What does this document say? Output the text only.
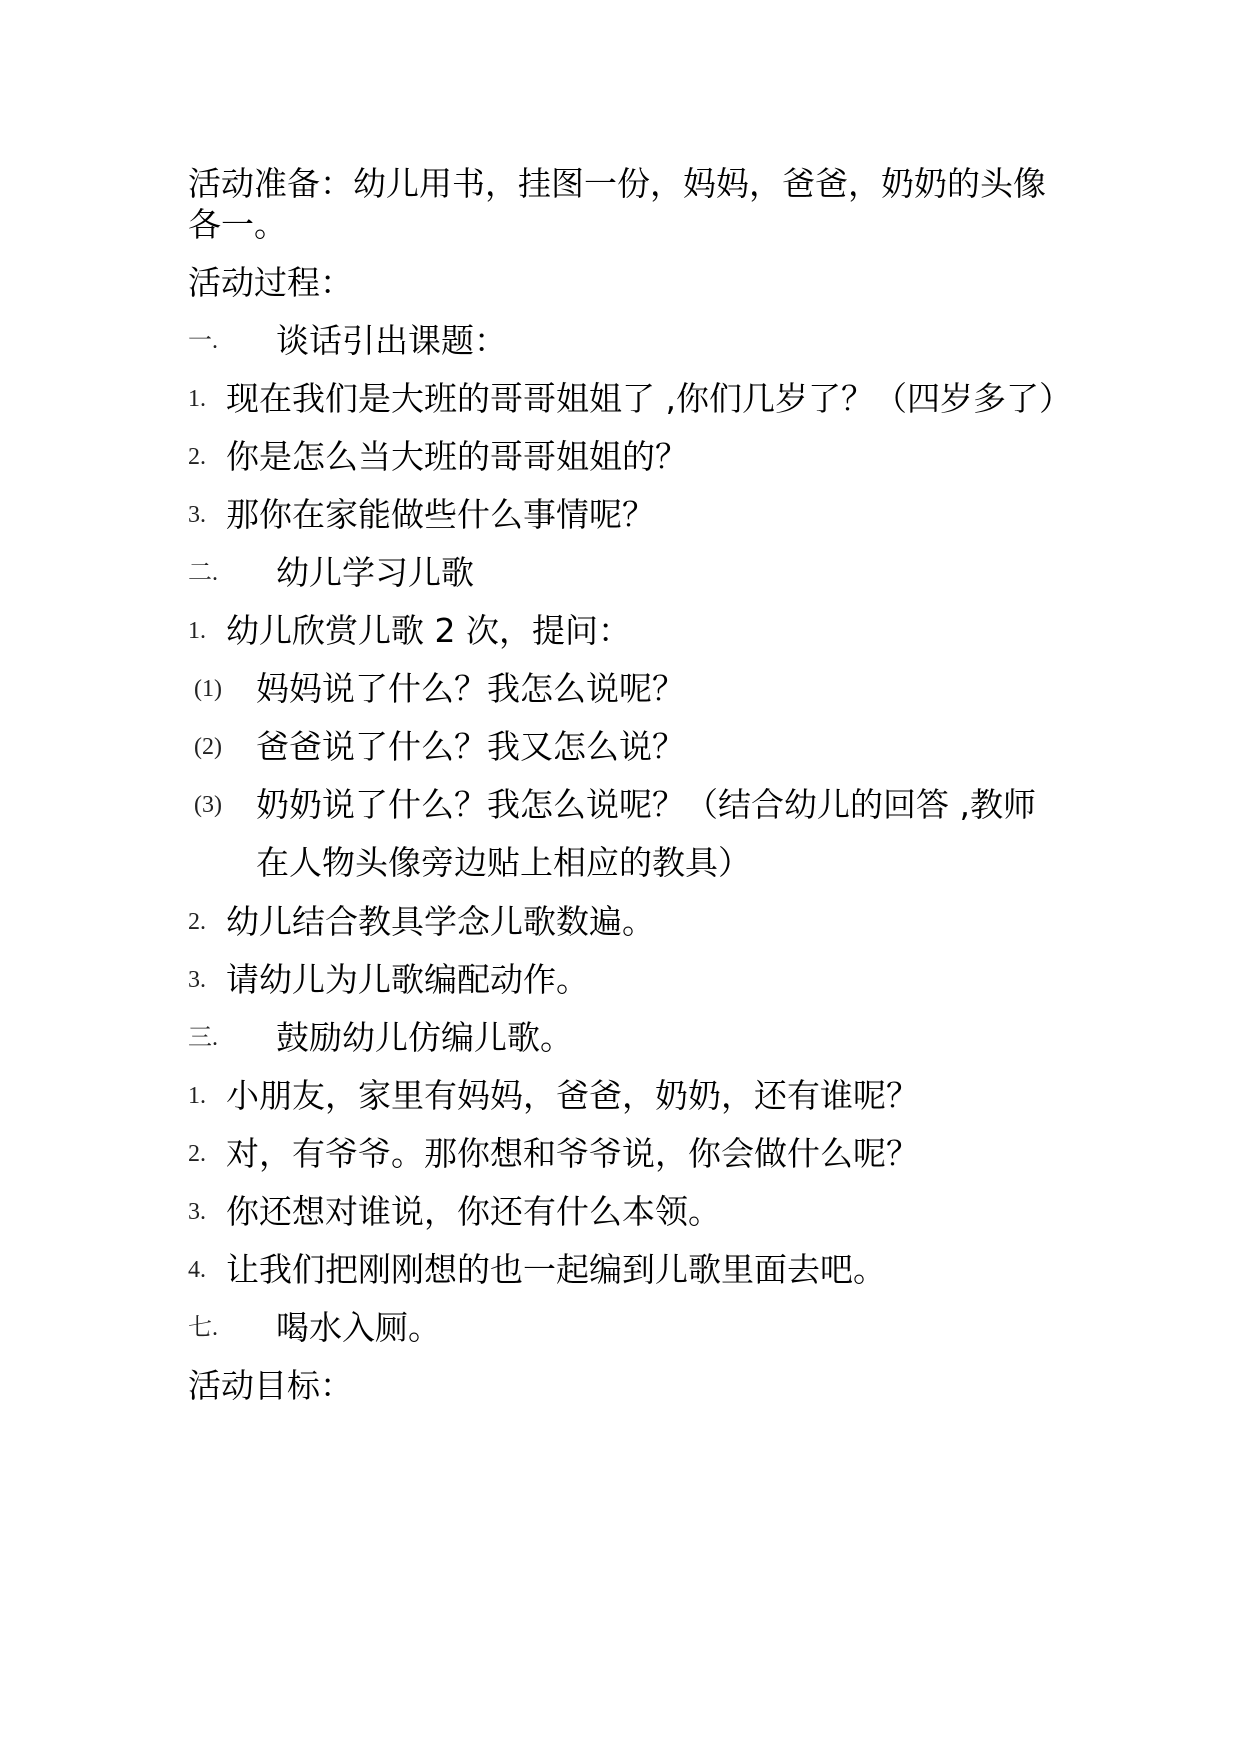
活动准备：幼儿用书，挂图一份，妈妈，爸爸，奶奶的头像
各一。
活动过程：
一.	谈话引出课题：
1. 现在我们是大班的哥哥姐姐了 ,你们几岁了？（四岁多了）
2. 你是怎么当大班的哥哥姐姐的？
3. 那你在家能做些什么事情呢？
二.	幼儿学习儿歌
1. 幼儿欣赏儿歌 2 次，提问：
(1)	妈妈说了什么？我怎么说呢？
(2)	爸爸说了什么？我又怎么说？
(3)	奶奶说了什么？我怎么说呢？（结合幼儿的回答 ,教师
在人物头像旁边贴上相应的教具）
2. 幼儿结合教具学念儿歌数遍。
3. 请幼儿为儿歌编配动作。
三.	鼓励幼儿仿编儿歌。
1. 小朋友，家里有妈妈，爸爸，奶奶，还有谁呢？
2. 对，有爷爷。那你想和爷爷说，你会做什么呢？
3. 你还想对谁说，你还有什么本领。
4. 让我们把刚刚想的也一起编到儿歌里面去吧。
七.	喝水入厕。
活动目标：
